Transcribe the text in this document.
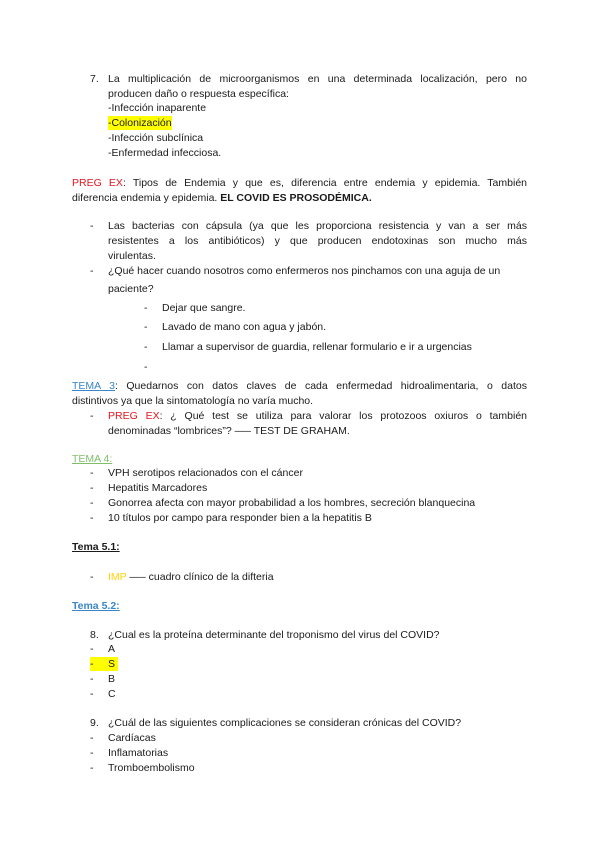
7. La multiplicación de microorganismos en una determinada localización, pero no
producen daño o respuesta específica:
-Infección inaparente
-Colonización
-Infección subclínica
-Enfermedad infecciosa.
PREG EX: Tipos de Endemia y que es, diferencia entre endemia y epidemia. También
diferencia endemia y epidemia. EL COVID ES PROSODÉMICA.
- Las bacterias con cápsula (ya que les proporciona resistencia y van a ser más
resistentes a los antibióticos) y que producen endotoxinas son mucho más
virulentas.
- ¿Qué hacer cuando nosotros como enfermeros nos pinchamos con una aguja de un
paciente?
- Dejar que sangre.
- Lavado de mano con agua y jabón.
- Llamar a supervisor de guardia, rellenar formulario e ir a urgencias
-
TEMA 3: Quedarnos con datos claves de cada enfermedad hidroalimentaria, o datos
distintivos ya que la sintomatología no varía mucho.
- PREG EX: ¿ Qué test se utiliza para valorar los protozoos oxiuros o también
denominadas “lombrices”? —– TEST DE GRAHAM.
TEMA 4:
- VPH serotipos relacionados con el cáncer
- Hepatitis Marcadores
- Gonorrea afecta con mayor probabilidad a los hombres, secreción blanquecina
- 10 títulos por campo para responder bien a la hepatitis B
Tema 5.1:
- IMP —– cuadro clínico de la difteria
Tema 5.2:
8. ¿Cual es la proteína determinante del troponismo del virus del COVID?
- A
- S
- B
- C
9. ¿Cuál de las siguientes complicaciones se consideran crónicas del COVID?
- Cardíacas
- Inflamatorias
- Tromboembolismo
